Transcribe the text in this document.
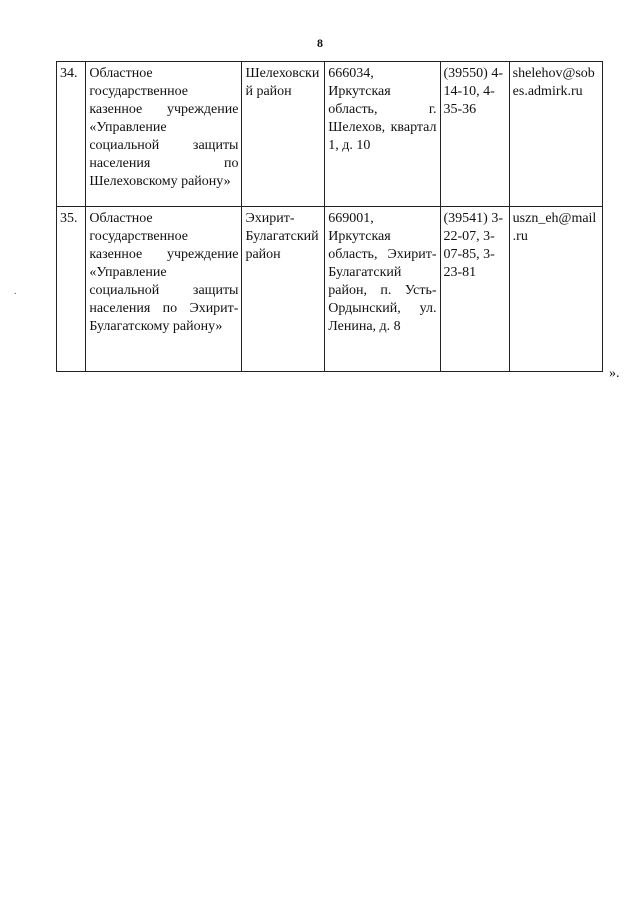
8
34.	Областное государственное казенное учреждение «Управление социальной защиты населения по Шелеховскому району»	Шелеховский район	666034, Иркутская область, г. Шелехов, квартал 1, д. 10	(39550) 4-14-10, 4-35-36	shelehov@sobes.admirk.ru
35.	Областное государственное казенное учреждение «Управление социальной защиты населения по Эхирит-Булагатскому району»	Эхирит-Булагатский район	669001, Иркутская область, Эхирит-Булагатский район, п. Усть-Ордынский, ул. Ленина, д. 8	(39541) 3-22-07, 3-07-85, 3-23-81	uszn_eh@mail.ru
».
.
